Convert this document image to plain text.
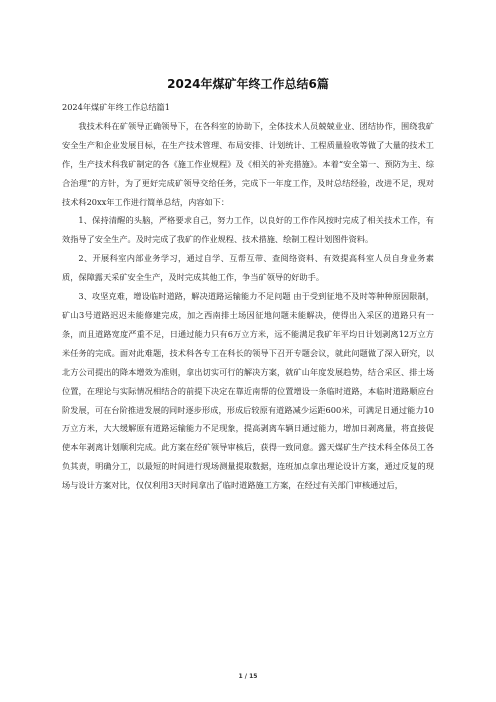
2024年煤矿年终工作总结6篇

2024年煤矿年终工作总结篇1

我技术科在矿领导正确领导下，在各科室的协助下，全体技术人员兢兢业业、团结协作，围绕我矿安全生产和企业发展目标，在生产技术管理、布局安排、计划统计、工程质量验收等做了大量的技术工作，生产技术科我矿制定的各《施工作业规程》及《相关的补充措施》。本着“安全第一、预防为主、综合治理”的方针，为了更好完成矿领导交给任务，完成下一年度工作，及时总结经验，改进不足，现对技术科20xx年工作进行简单总结，内容如下：

1、保持清醒的头脑，严格要求自己，努力工作，以良好的工作作风按时完成了相关技术工作，有效指导了安全生产。及时完成了我矿的作业规程、技术措施、绘制工程计划图件资料。

2、开展科室内部业务学习，通过自学、互帮互带、查阅络资料、有效提高科室人员自身业务素质，保障露天采矿安全生产，及时完成其他工作，争当矿领导的好助手。

3、攻坚克难，增设临时道路，解决道路运输能力不足问题 由于受到征地不及时等种种原因限制，矿山3号道路迟迟未能修建完成，加之西南排土场因征地问题未能解决，使得出入采区的道路只有一条，而且道路宽度严重不足，日通过能力只有6万立方米，远不能满足我矿年平均日计划剥离12万立方米任务的完成。面对此难题，技术科各专工在科长的领导下召开专题会议，就此问题做了深入研究，以北方公司提出的降本增效为准则，拿出切实可行的解决方案，就矿山年度发展趋势，结合采区、排土场位置，在理论与实际情况相结合的前提下决定在靠近南帮的位置增设一条临时道路，本临时道路顺应台阶发展，可在台阶推进发展的同时逐步形成，形成后较原有道路减少运距600米，可满足日通过能力10万立方米，大大缓解原有道路运输能力不足现象，提高剥离车辆日通过能力，增加日剥离量，将直接促使本年剥离计划顺利完成。此方案在经矿领导审核后，获得一致同意。露天煤矿生产技术科全体员工各负其责，明确分工，以最短的时间进行现场测量提取数据，连班加点拿出理论设计方案，通过反复的现场与设计方案对比，仅仅利用3天时间拿出了临时道路施工方案，在经过有关部门审核通过后，

1 / 15
